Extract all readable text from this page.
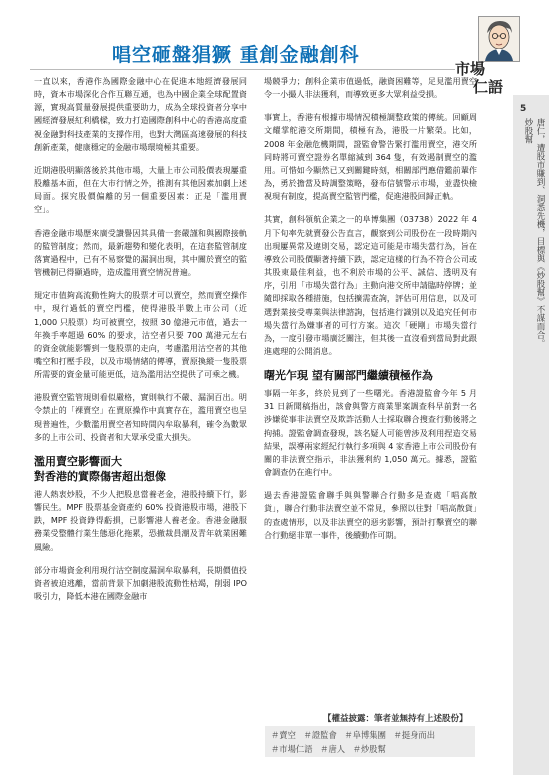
唱空砸盤猖獗 重創金融創科
市場
仁語
5
炒股幫 唐仁，遭股市賺到、洞悉先機，目標與《炒股幫》不謀而合。

一直以來，香港作為國際金融中心在促進本地經濟發展同時，資本市場深化合作互聯互通，也為中國企業全球配置資源，實現高質量發展提供重要助力，成為全球投資者分享中國經濟發展紅利橋樑，致力打造國際創科中心的香港高度重視金融對科技產業的支撐作用，也對大灣區高速發展的科技創新產業，健康穩定的金融市場環境極其重要。

近期港股明顯落後於其他市場，大量上市公司股價表現屢重股離基本面，但在大市行情之外，推測有其他因素加劇上述局面。探究股價偏離的另一個重要因素：正是「濫用賣空」。

香港金融市場歷來廣受讚譽因其具備一套嚴謹和與國際接軌的監管制度；然而，最新趨勢和變化表明，在這套監管制度落實過程中，已有不易察覺的漏洞出現，其中關於賣空的監管機制已得顯過時，造成濫用賣空情況普遍。

規定市值夠高流動性夠大的股票才可以賣空，然而賣空操作中，現行過低的賣空門檻，使得港股半數上市公司（近 1,000 只股票）均可被賣空，按照 30 億港元市值，過去一年換手率超過 60% 的要求，沽空者只要 700 萬港元左右的資金就能影響到一隻股票的走向，考慮濫用沽空者的其他嘴空和打壓手段，以及市場情緒的傳導，賣原換縱一隻股票所需要的資金量可能更低，這為濫用沽空提供了可乘之機。

港股賣空監管規則看似嚴格，實則執行不嚴、漏洞百出。明令禁止的「裸賣空」在賣原操作中真實存在，濫用賣空也呈現普遍性，少數濫用賣空者知時間內牟取暴利，確令為數眾多的上市公司、投資者和大眾承受重大損失。

濫用賣空影響面大
對香港的實際傷害超出想像

港人熱衷炒股，不少人把股息當養老金，港股持續下行，影響民生。MPF 股票基金資產約 60% 投資港股市場，港股下跌，MPF 投資錚得虧損，已影響港人養老金。香港金融服務業受整體行業生態惡化拖累，恐撤裁員潮及青年就業困難風險。

部分市場資金利用現行沽空制度漏洞牟取暴利，長期價值投資者被迫逃離，當前背景下加劇港股流動性枯竭，削弱 IPO 吸引力，降低本港在國際金融市

場競爭力；創科企業市值過低，融資困難等，足見濫用賣空令一小撮人非法獲利，而導致更多大眾利益受損。

事實上，香港有根據市場情況積極調整政策的傳統。回顧周文耀掌舵港交所期間，積極有為，港股一片繁榮。比如，2008 年金融危機期間，證監會警告緊打濫用賣空，港交所同時將可賣空證券名單縮減到 364 隻，有效遏制賣空的濫用。可惜如今顯然已又到關鍵時刻，相關部門應借鑑前輩作為，勇於擔當及時調整策略，發布信號警示市場，並盡快檢視現有制度，提高賣空監管門檻，促進港股回歸正軌。

其實，創科領航企業之一的阜博集團（03738）2022 年 4 月下旬率先就賣發公告直言，觀察到公司股份在一段時期內出現屢異常及違則交易，認定這可能是市場失當行為，旨在導致公司股價顯著持續下跌，認定這樣的行為不符合公司或其股東最佳利益，也不利於市場的公平、誠信、透明及有序，引用「市場失當行為」主動向港交所申請臨時停牌；並隨即採取各種措施，包括擴需查詢，評估可用信息，以及可選對業接受專業與法律諮詢，包括進行識別以及追究任何市場失當行為嫌事者的可行方案。這次「硬剛」市場失當行為，一度引發市場廣泛關注，但其後一直沒看到當局對此跟進處理的公開消息。

曙光乍現 望有關部門繼續積極作為

事隔一年多，終於見到了一些曙光。香港證監會今年 5 月 31 日新聞稿指出，該會與警方商業罪案調查科早前對一名涉嫌從事非法賣空及欺詐活動人士採取聯合搜查行動後將之拘捕。證監會調查發現，該名疑人可能曾涉及利用捏造交易結果，誤導兩家經紀行執行多項與 4 家香港上市公司股份有關的非法賣空指示，非法獲利約 1,050 萬元。據悉，證監會調查仍在進行中。

過去香港證監會聯手與與警聯合行動多是查處「唱高散貨」，聯合行動非法賣空並不常見，參照以往對「唱高散貨」的查處情形，以及非法賣空的惡劣影響，預計打擊賣空的聯合行動絕非單一事件，後續動作可期。

【權益披露：筆者並無持有上述股份】
＃賣空 ＃證監會 ＃阜博集團 ＃挺身而出
＃市場仁語 ＃唐人 ＃炒股幫
